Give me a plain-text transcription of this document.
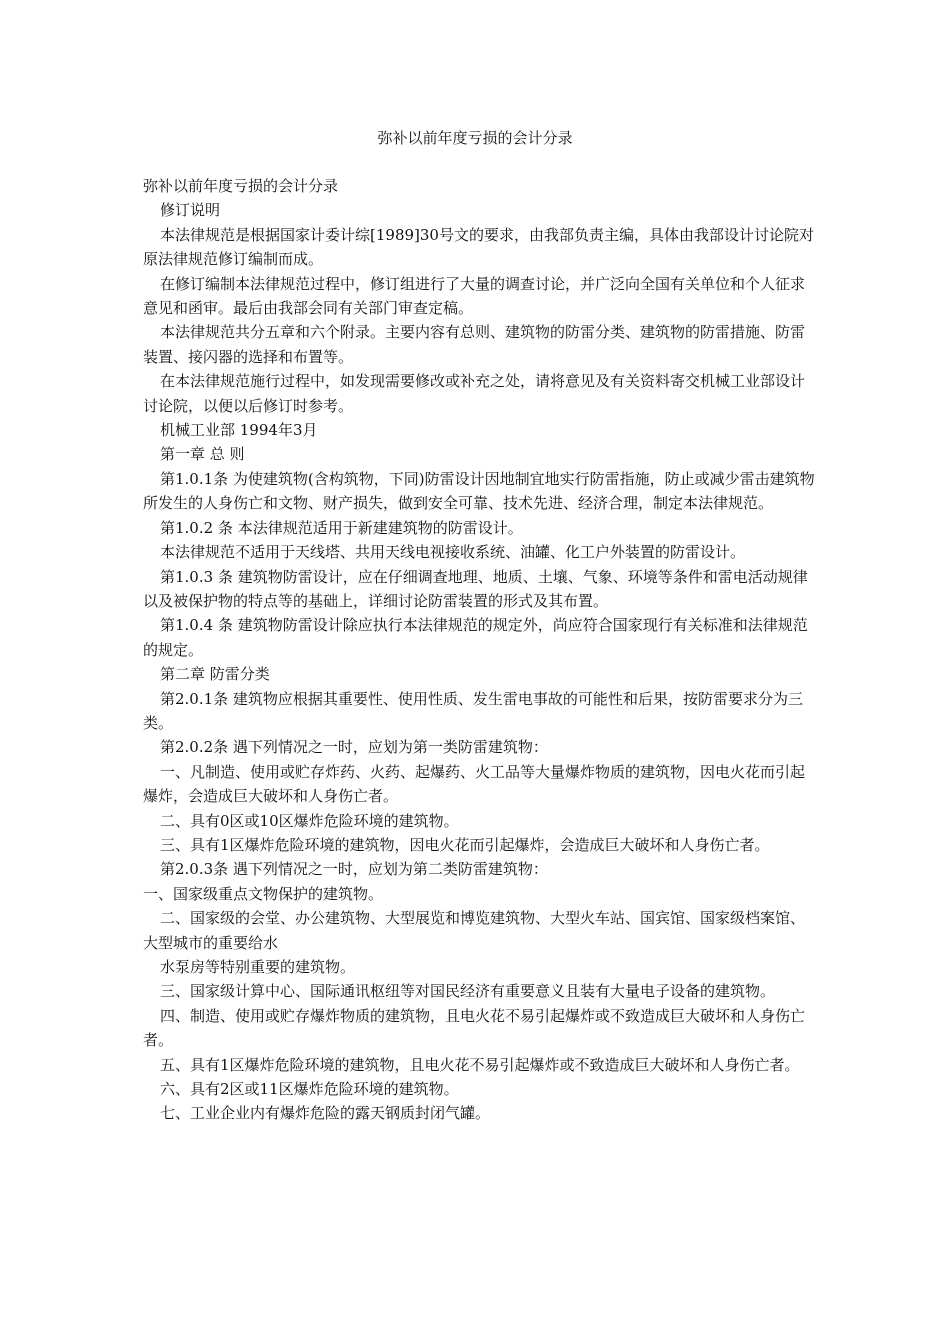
弥补以前年度亏损的会计分录

弥补以前年度亏损的会计分录

修订说明

本法律规范是根据国家计委计综[1989]30号文的要求，由我部负责主编，具体由我部设计讨论院对原法律规范修订编制而成。

在修订编制本法律规范过程中，修订组进行了大量的调查讨论，并广泛向全国有关单位和个人征求意见和函审。最后由我部会同有关部门审查定稿。

本法律规范共分五章和六个附录。主要内容有总则、建筑物的防雷分类、建筑物的防雷措施、防雷装置、接闪器的选择和布置等。

在本法律规范施行过程中，如发现需要修改或补充之处，请将意见及有关资料寄交机械工业部设计讨论院，以便以后修订时参考。

机械工业部 1994年3月

第一章 总 则

第1.0.1条 为使建筑物(含构筑物，下同)防雷设计因地制宜地实行防雷指施，防止或减少雷击建筑物所发生的人身伤亡和文物、财产损失，做到安全可靠、技术先进、经济合理，制定本法律规范。

第1.0.2 条 本法律规范适用于新建建筑物的防雷设计。

本法律规范不适用于天线塔、共用天线电视接收系统、油罐、化工户外装置的防雷设计。

第1.0.3 条 建筑物防雷设计，应在仔细调查地理、地质、土壤、气象、环境等条件和雷电活动规律以及被保护物的特点等的基础上，详细讨论防雷装置的形式及其布置。

第1.0.4 条 建筑物防雷设计除应执行本法律规范的规定外，尚应符合国家现行有关标准和法律规范的规定。

第二章 防雷分类

第2.0.1条 建筑物应根据其重要性、使用性质、发生雷电事故的可能性和后果，按防雷要求分为三类。

第2.0.2条 遇下列情况之一时，应划为第一类防雷建筑物：

一、凡制造、使用或贮存炸药、火药、起爆药、火工品等大量爆炸物质的建筑物，因电火花而引起爆炸，会造成巨大破坏和人身伤亡者。

二、具有0区或10区爆炸危险环境的建筑物。

三、具有1区爆炸危险环境的建筑物，因电火花而引起爆炸，会造成巨大破坏和人身伤亡者。

第2.0.3条 遇下列情况之一时，应划为第二类防雷建筑物：

一、国家级重点文物保护的建筑物。

二、国家级的会堂、办公建筑物、大型展览和博览建筑物、大型火车站、国宾馆、国家级档案馆、大型城市的重要给水

水泵房等特别重要的建筑物。

三、国家级计算中心、国际通讯枢纽等对国民经济有重要意义且装有大量电子设备的建筑物。

四、制造、使用或贮存爆炸物质的建筑物，且电火花不易引起爆炸或不致造成巨大破坏和人身伤亡者。

五、具有1区爆炸危险环境的建筑物，且电火花不易引起爆炸或不致造成巨大破坏和人身伤亡者。

六、具有2区或11区爆炸危险环境的建筑物。

七、工业企业内有爆炸危险的露天钢质封闭气罐。
